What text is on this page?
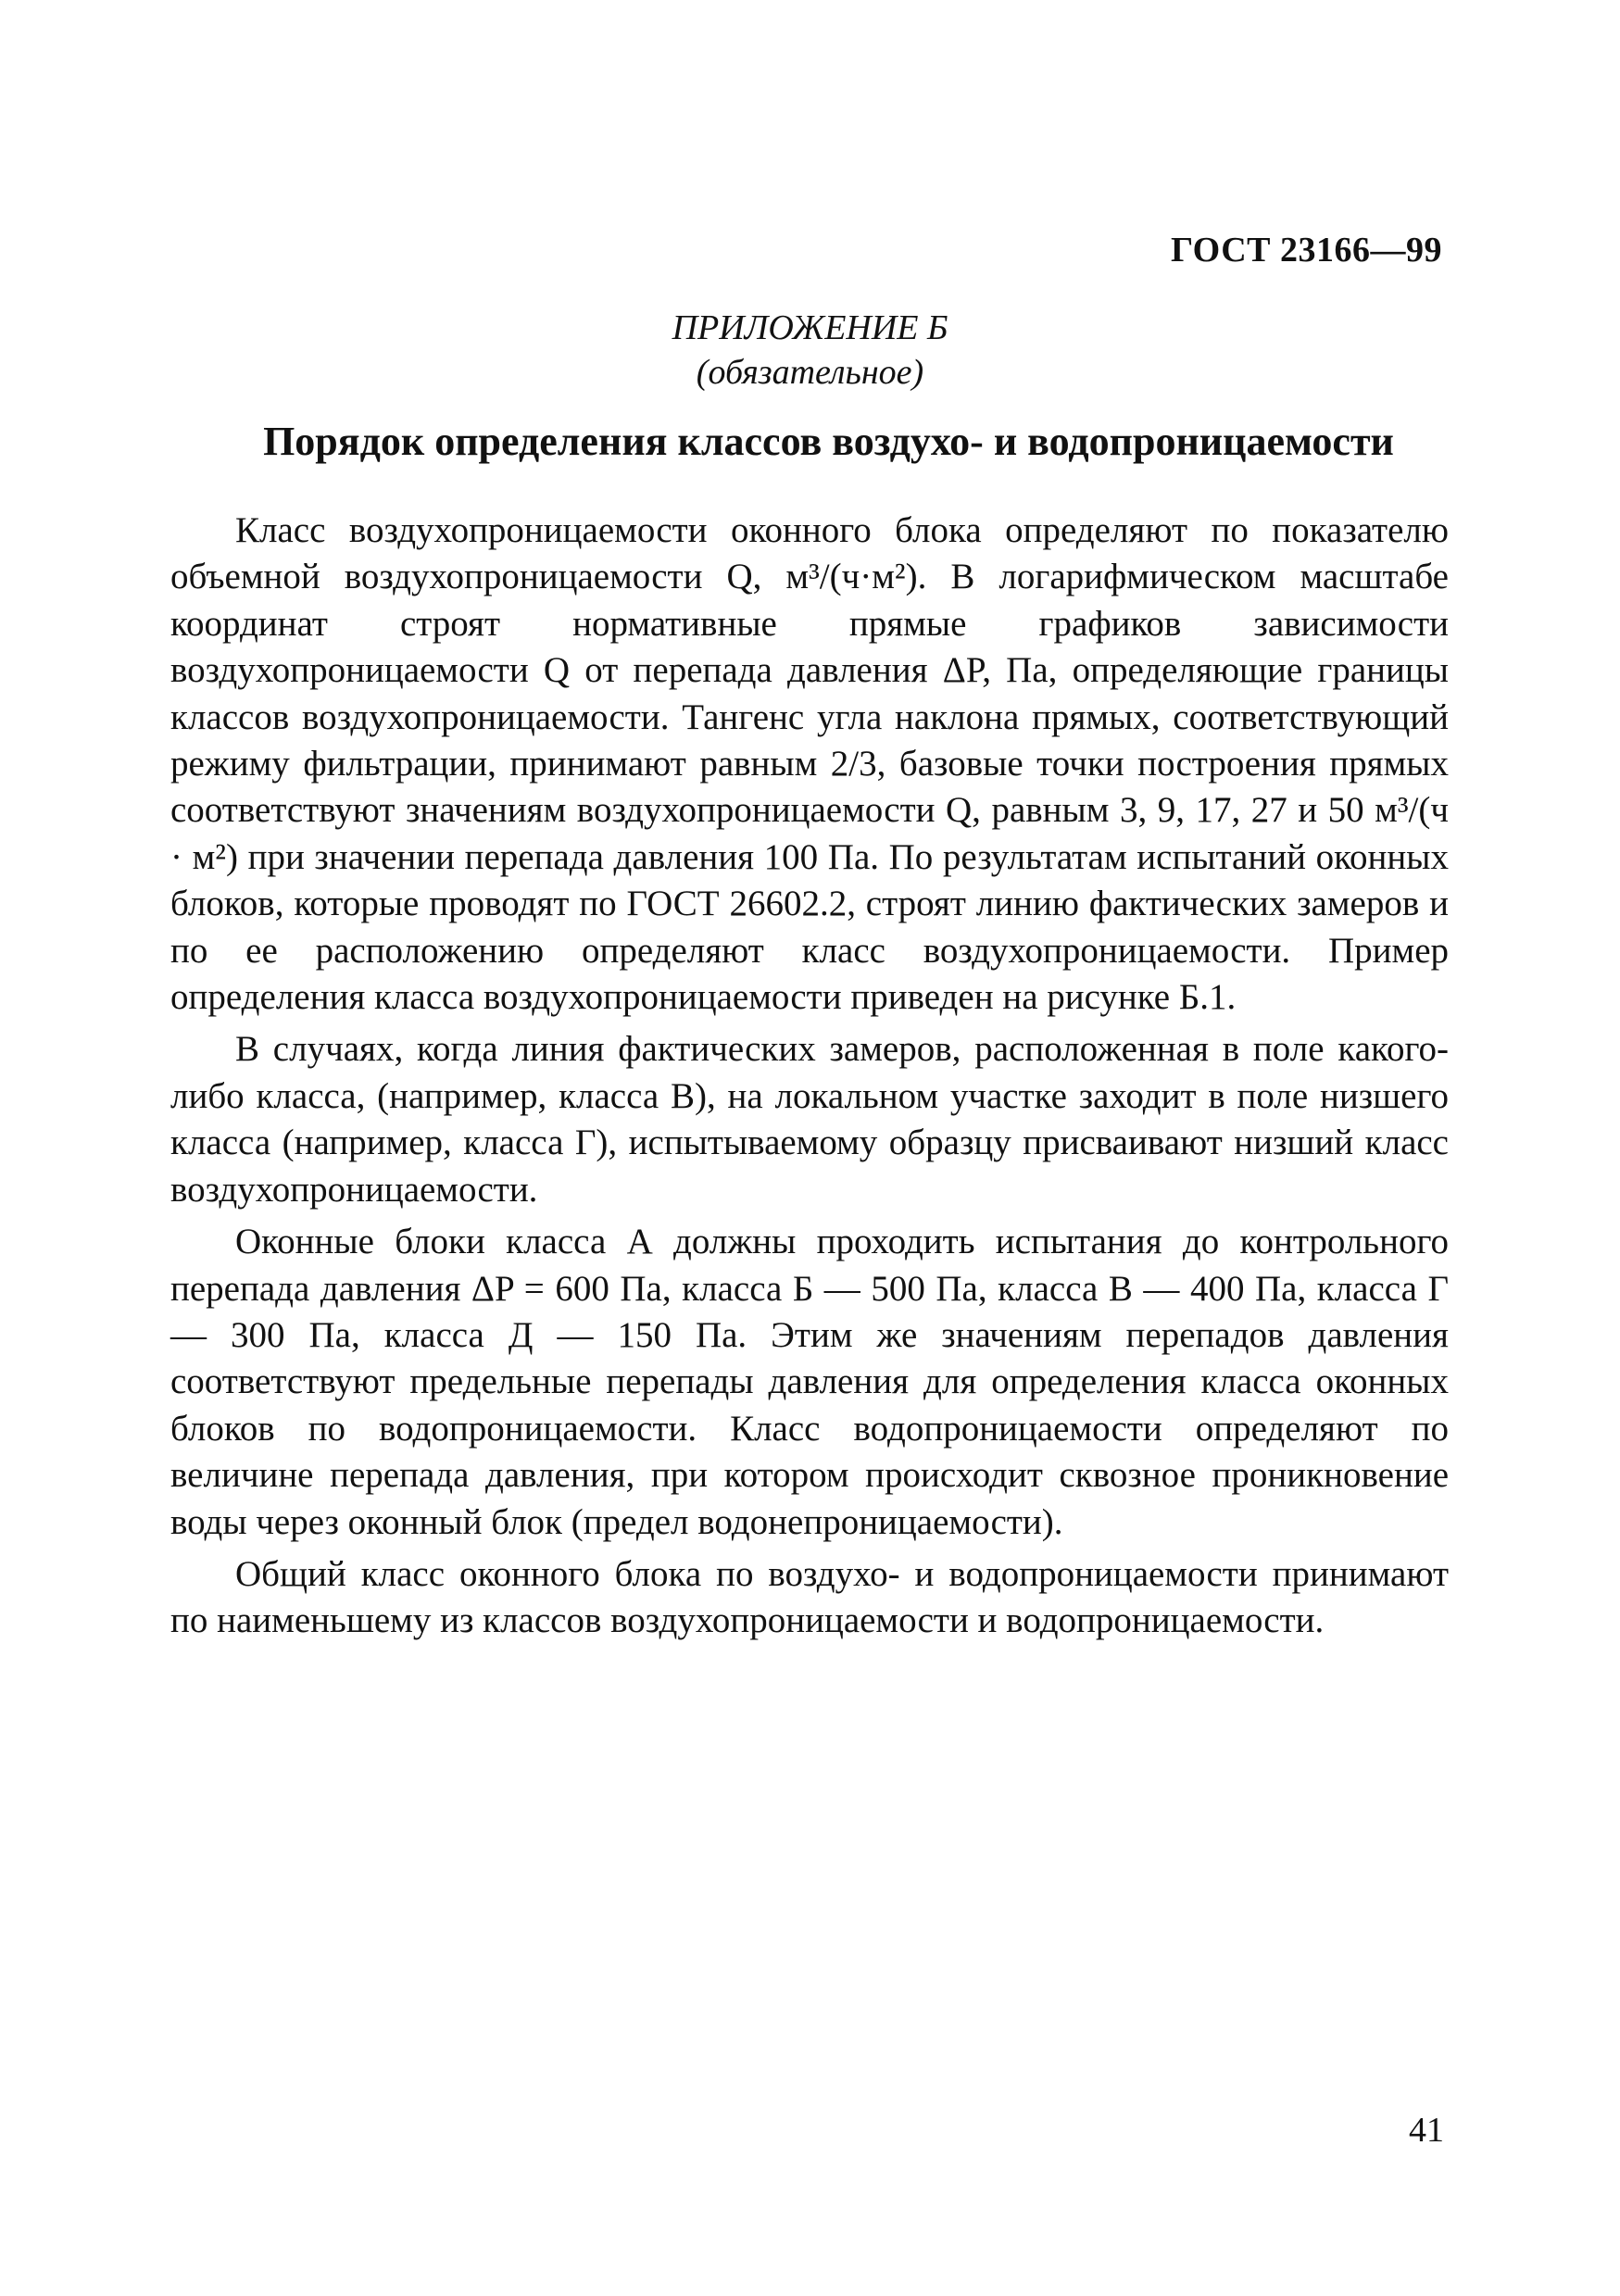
ГОСТ 23166—99
ПРИЛОЖЕНИЕ Б
(обязательное)
Порядок определения классов воздухо- и водопроницаемости

Класс воздухопроницаемости оконного блока определяют по показателю объемной воздухопроницаемости Q, м³/(ч·м²). В логарифмическом масштабе координат строят нормативные прямые графиков зависимости воздухопроницаемости Q от перепада давления ΔP, Па, определяющие границы классов воздухопроницаемости. Тангенс угла наклона прямых, соответствующий режиму фильтрации, принимают равным 2/3, базовые точки построения прямых соответствуют значениям воздухопроницаемости Q, равным 3, 9, 17, 27 и 50 м³/(ч · м²) при значении перепада давления 100 Па. По результатам испытаний оконных блоков, которые проводят по ГОСТ 26602.2, строят линию фактических замеров и по ее расположению определяют класс воздухопроницаемости. Пример определения класса воздухопроницаемости приведен на рисунке Б.1.

В случаях, когда линия фактических замеров, расположенная в поле какого-либо класса, (например, класса В), на локальном участке заходит в поле низшего класса (например, класса Г), испытываемому образцу присваивают низший класс воздухопроницаемости.

Оконные блоки класса А должны проходить испытания до контрольного перепада давления ΔP = 600 Па, класса Б — 500 Па, класса В — 400 Па, класса Г — 300 Па, класса Д — 150 Па. Этим же значениям перепадов давления соответствуют предельные перепады давления для определения класса оконных блоков по водопроницаемости. Класс водопроницаемости определяют по величине перепада давления, при котором происходит сквозное проникновение воды через оконный блок (предел водонепроницаемости).

Общий класс оконного блока по воздухо- и водопроницаемости принимают по наименьшему из классов воздухопроницаемости и водопроницаемости.

41
